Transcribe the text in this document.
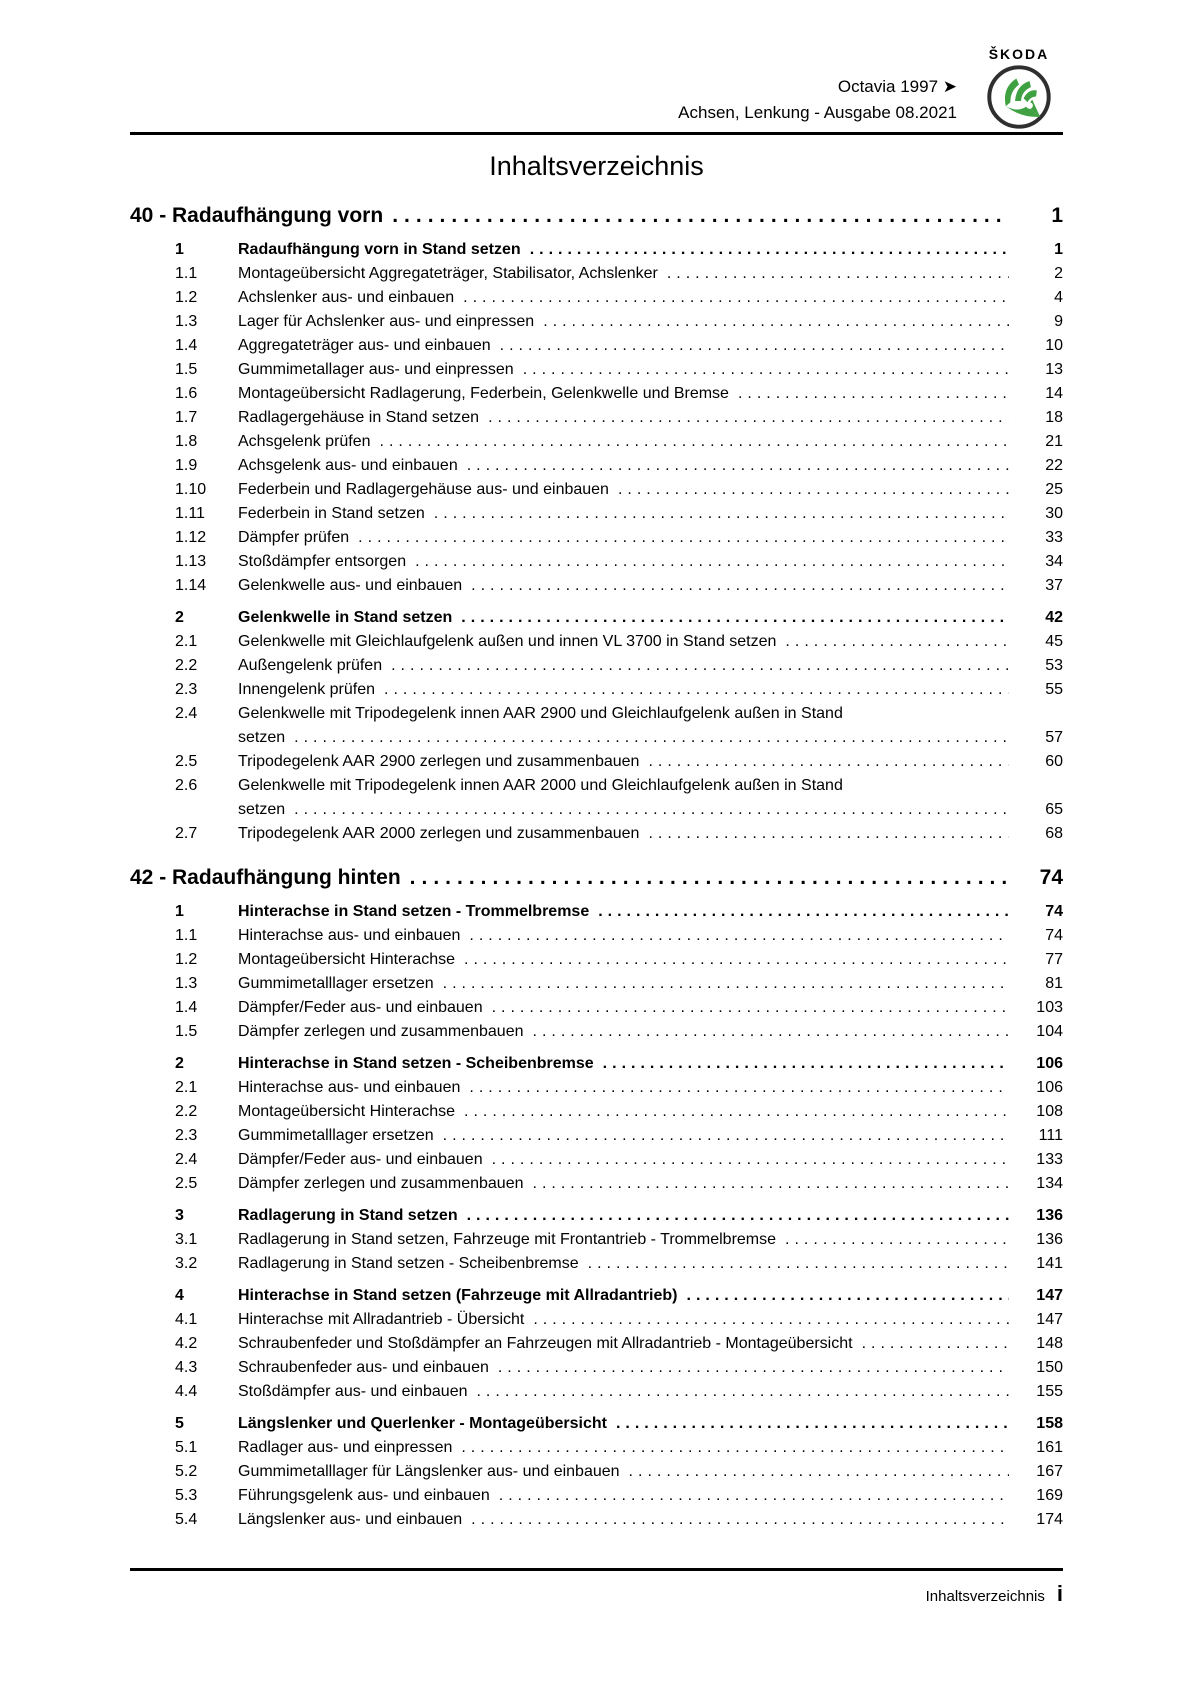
Octavia 1997 ➤
Achsen, Lenkung - Ausgabe 08.2021
ŠKODA
Inhaltsverzeichnis
40 - Radaufhängung vorn .....	1
1	Radaufhängung vorn in Stand setzen .....	1
1.1	Montageübersicht Aggregateträger, Stabilisator, Achslenker .....	2
1.2	Achslenker aus- und einbauen .....	4
1.3	Lager für Achslenker aus- und einpressen .....	9
1.4	Aggregateträger aus- und einbauen .....	10
1.5	Gummimetallager aus- und einpressen .....	13
1.6	Montageübersicht Radlagerung, Federbein, Gelenkwelle und Bremse .....	14
1.7	Radlagergehäuse in Stand setzen .....	18
1.8	Achsgelenk prüfen .....	21
1.9	Achsgelenk aus- und einbauen .....	22
1.10	Federbein und Radlagergehäuse aus- und einbauen .....	25
1.11	Federbein in Stand setzen .....	30
1.12	Dämpfer prüfen .....	33
1.13	Stoßdämpfer entsorgen .....	34
1.14	Gelenkwelle aus- und einbauen .....	37
2	Gelenkwelle in Stand setzen .....	42
2.1	Gelenkwelle mit Gleichlaufgelenk außen und innen VL 3700 in Stand setzen .....	45
2.2	Außengelenk prüfen .....	53
2.3	Innengelenk prüfen .....	55
2.4	Gelenkwelle mit Tripodegelenk innen AAR 2900 und Gleichlaufgelenk außen in Stand
setzen .....	57
2.5	Tripodegelenk AAR 2900 zerlegen und zusammenbauen .....	60
2.6	Gelenkwelle mit Tripodegelenk innen AAR 2000 und Gleichlaufgelenk außen in Stand
setzen .....	65
2.7	Tripodegelenk AAR 2000 zerlegen und zusammenbauen .....	68
42 - Radaufhängung hinten .....	74
1	Hinterachse in Stand setzen - Trommelbremse .....	74
1.1	Hinterachse aus- und einbauen .....	74
1.2	Montageübersicht Hinterachse .....	77
1.3	Gummimetalllager ersetzen .....	81
1.4	Dämpfer/Feder aus- und einbauen .....	103
1.5	Dämpfer zerlegen und zusammenbauen .....	104
2	Hinterachse in Stand setzen - Scheibenbremse .....	106
2.1	Hinterachse aus- und einbauen .....	106
2.2	Montageübersicht Hinterachse .....	108
2.3	Gummimetalllager ersetzen .....	111
2.4	Dämpfer/Feder aus- und einbauen .....	133
2.5	Dämpfer zerlegen und zusammenbauen .....	134
3	Radlagerung in Stand setzen .....	136
3.1	Radlagerung in Stand setzen, Fahrzeuge mit Frontantrieb - Trommelbremse .....	136
3.2	Radlagerung in Stand setzen - Scheibenbremse .....	141
4	Hinterachse in Stand setzen (Fahrzeuge mit Allradantrieb) .....	147
4.1	Hinterachse mit Allradantrieb - Übersicht .....	147
4.2	Schraubenfeder und Stoßdämpfer an Fahrzeugen mit Allradantrieb - Montageübersicht .....	148
4.3	Schraubenfeder aus- und einbauen .....	150
4.4	Stoßdämpfer aus- und einbauen .....	155
5	Längslenker und Querlenker - Montageübersicht .....	158
5.1	Radlager aus- und einpressen .....	161
5.2	Gummimetalllager für Längslenker aus- und einbauen .....	167
5.3	Führungsgelenk aus- und einbauen .....	169
5.4	Längslenker aus- und einbauen .....	174
Inhaltsverzeichnis i
